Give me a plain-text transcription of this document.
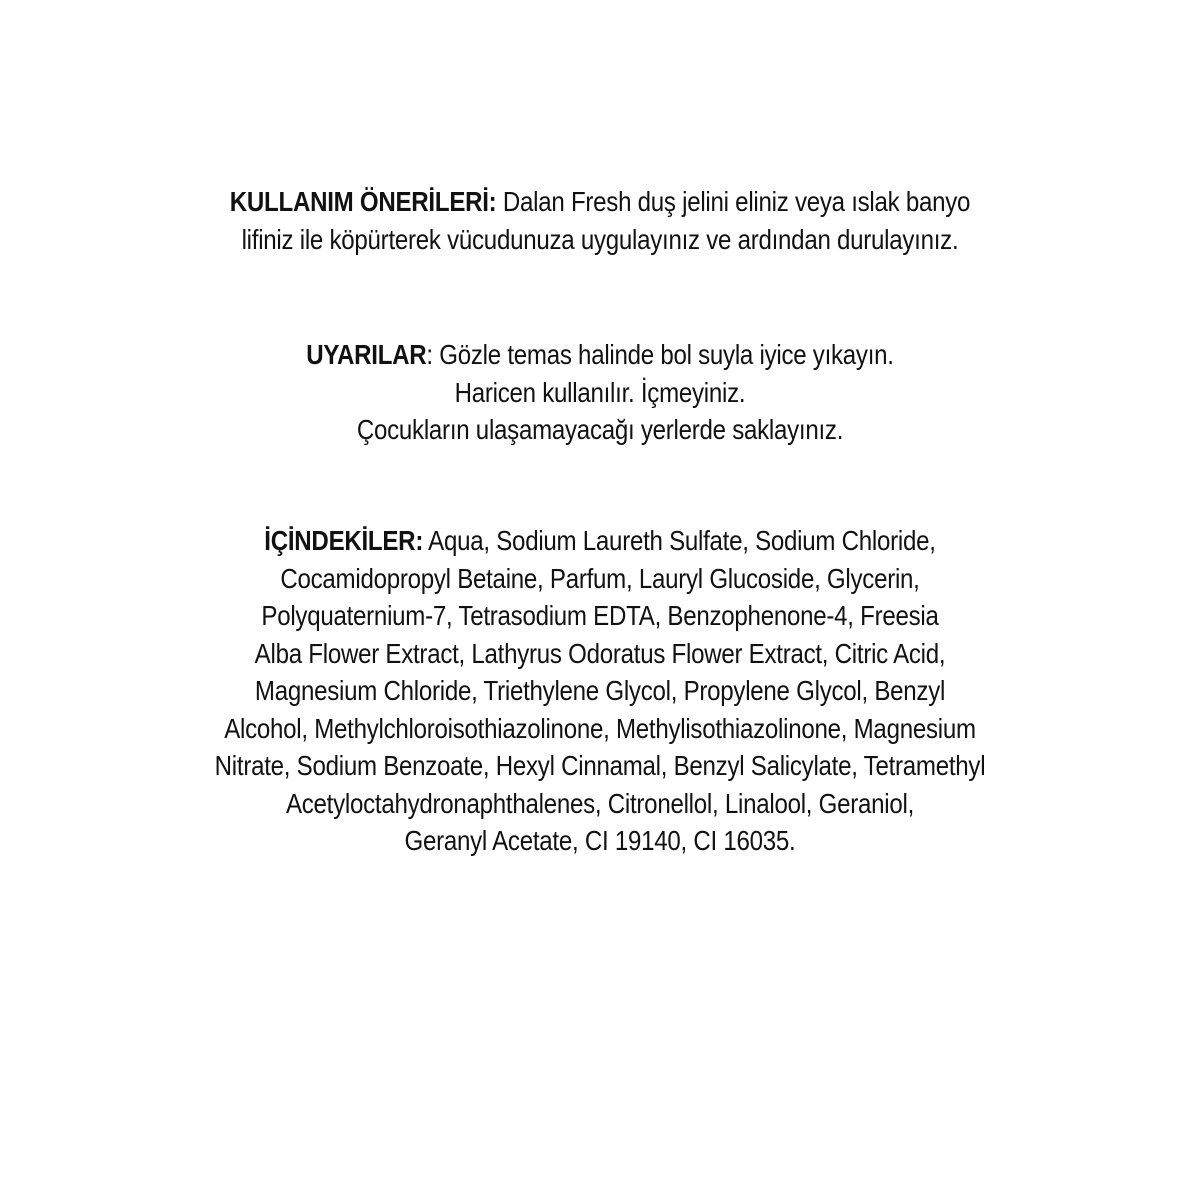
KULLANIM ÖNERİLERİ: Dalan Fresh duş jelini eliniz veya ıslak banyo
lifiniz ile köpürterek vücudunuza uygulayınız ve ardından durulayınız.
UYARILAR: Gözle temas halinde bol suyla iyice yıkayın.
Haricen kullanılır. İçmeyiniz.
Çocukların ulaşamayacağı yerlerde saklayınız.
İÇİNDEKİLER: Aqua, Sodium Laureth Sulfate, Sodium Chloride,
Cocamidopropyl Betaine, Parfum, Lauryl Glucoside, Glycerin,
Polyquaternium-7, Tetrasodium EDTA, Benzophenone-4, Freesia
Alba Flower Extract, Lathyrus Odoratus Flower Extract, Citric Acid,
Magnesium Chloride, Triethylene Glycol, Propylene Glycol, Benzyl
Alcohol, Methylchloroisothiazolinone, Methylisothiazolinone, Magnesium
Nitrate, Sodium Benzoate, Hexyl Cinnamal, Benzyl Salicylate, Tetramethyl
Acetyloctahydronaphthalenes, Citronellol, Linalool, Geraniol,
Geranyl Acetate, CI 19140, CI 16035.
